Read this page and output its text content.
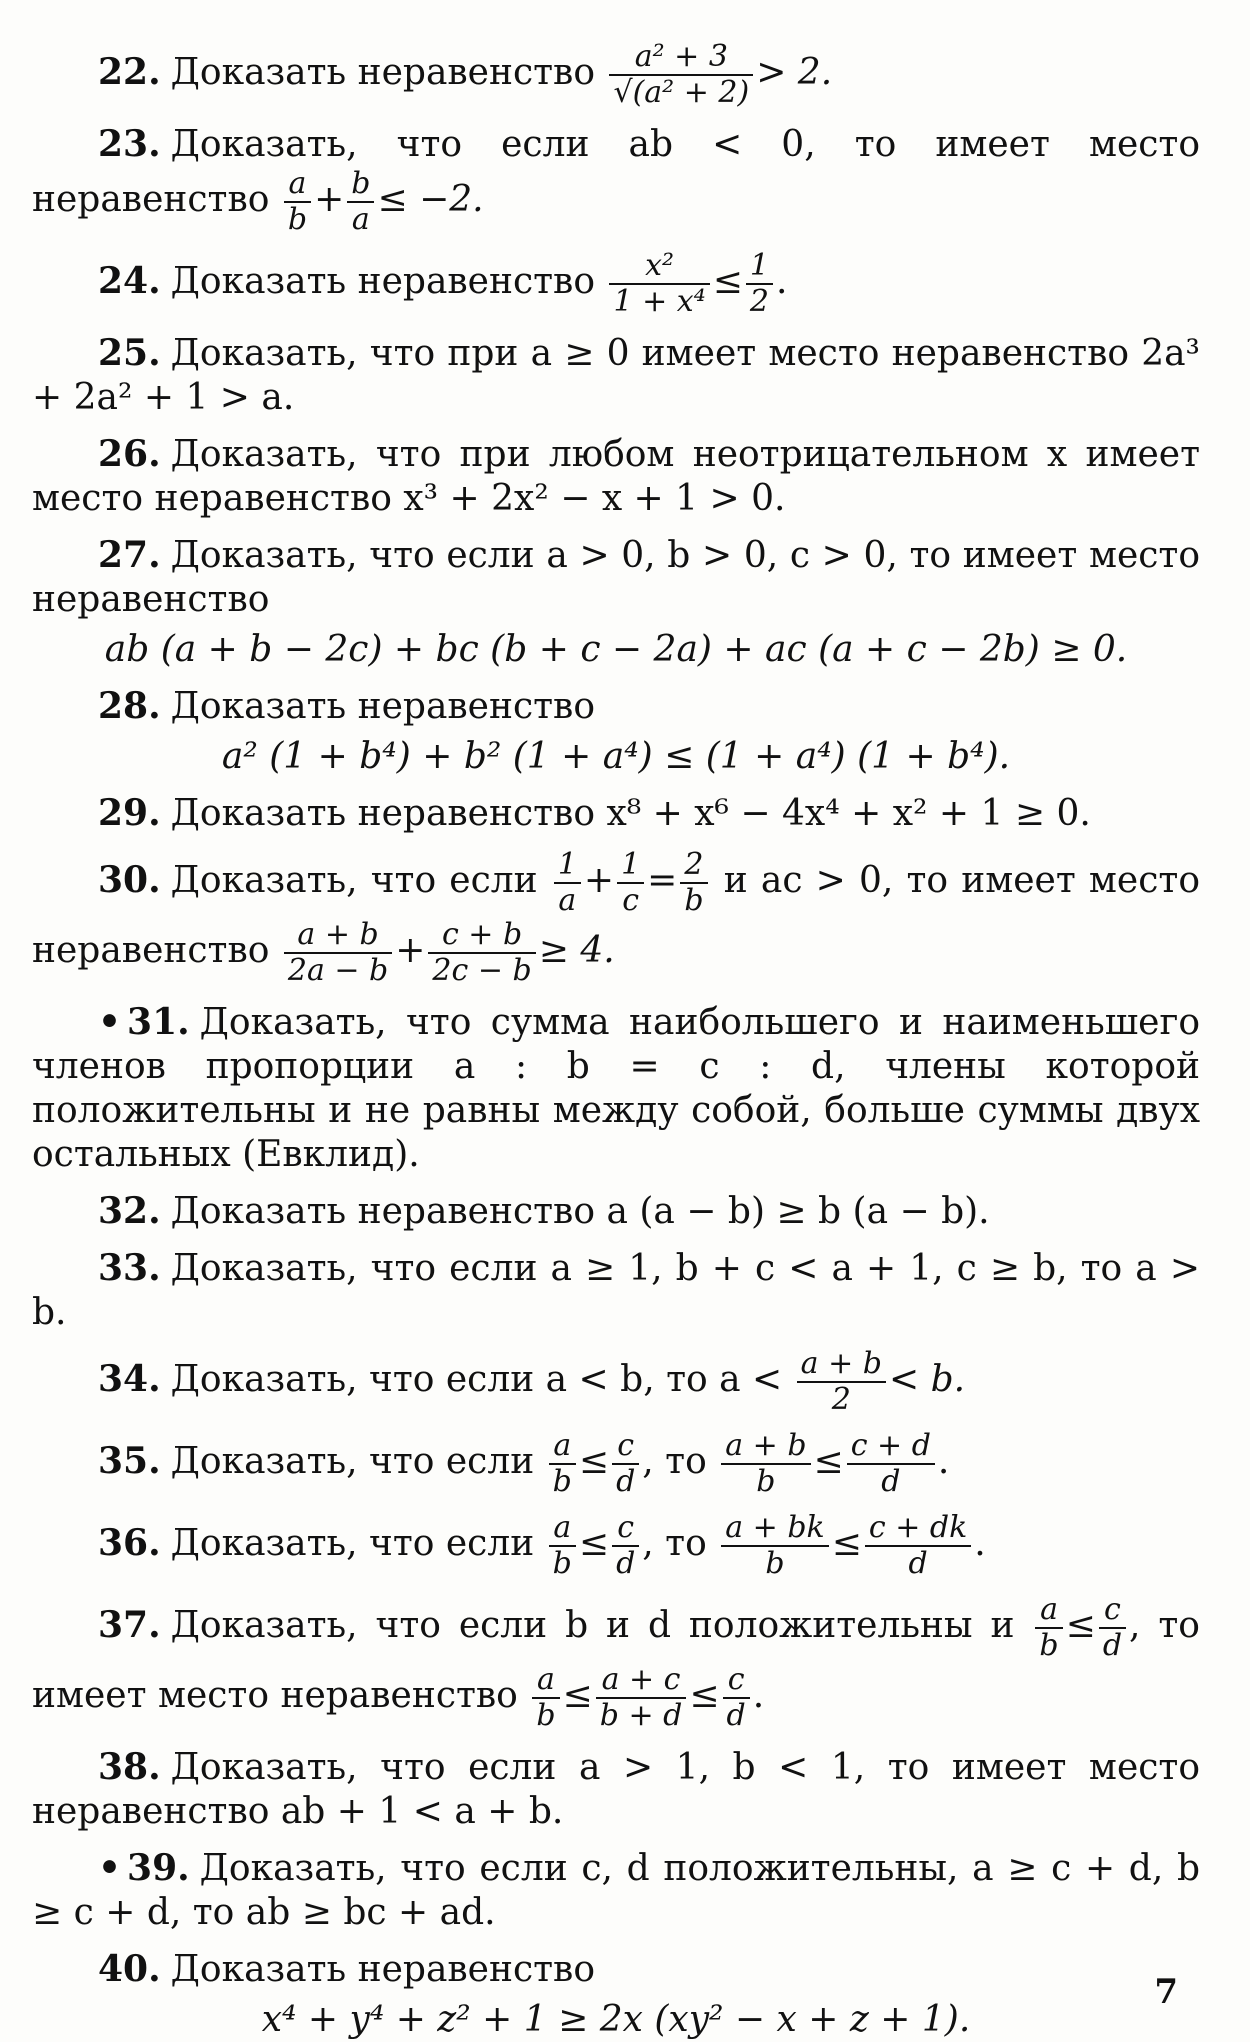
22. Доказать неравенство $\frac{\text{a² + 3}}{\text{√(a² + 2)}} > 2$.

23. Доказать, что если ab < 0, то имеет место неравенство $\frac{a}{b} + \frac{b}{a} \le -2$.

24. Доказать неравенство $\frac{\text{x²}}{\text{1 + x⁴}} \le \frac{1}{2}$ .

25. Доказать, что при a ≥ 0 имеет место неравенство 2a³ + 2a² + 1 > a.

26. Доказать, что при любом неотрицательном x имеет место неравенство x³ + 2x² − x + 1 > 0.

27. Доказать, что если a > 0, b > 0, c > 0, то имеет место неравенство
ab (a + b − 2c) + bc (b + c − 2a) + ac (a + c − 2b) ≥ 0.

28. Доказать неравенство
a² (1 + b⁴) + b² (1 + a⁴) ≤ (1 + a⁴) (1 + b⁴).

29. Доказать неравенство x⁸ + x⁶ − 4x⁴ + x² + 1 ≥ 0.

30. Доказать, что если $\frac{1}{a} + \frac{1}{c} = \frac{2}{b}$ и ac > 0, то имеет место неравенство $\frac{a + b}{2a - b} + \frac{c + b}{2c - b} \ge 4$.

• 31. Доказать, что сумма наибольшего и наименьшего членов пропорции a : b = c : d, члены которой положительны и не равны между собой, больше суммы двух остальных (Евклид).

32. Доказать неравенство a (a − b) ≥ b (a − b).

33. Доказать, что если a ≥ 1, b + c < a + 1, c ≥ b, то a > b.

34. Доказать, что если a < b, то $a < \frac{a + b}{2} < b$.

35. Доказать, что если $\frac{a}{b} \le \frac{c}{d}$ , то $\frac{a + b}{b} \le \frac{c + d}{d}$ .

36. Доказать, что если $\frac{a}{b} \le \frac{c}{d}$ , то $\frac{a + bk}{b} \le \frac{c + dk}{d}$ .

37. Доказать, что если b и d положительны и $\frac{a}{b} \le \frac{c}{d}$ , то имеет место неравенство $\frac{a}{b} \le \frac{a + c}{b + d} \le \frac{c}{d}$ .

38. Доказать, что если a > 1, b < 1, то имеет место неравенство ab + 1 < a + b.

• 39. Доказать, что если c, d положительны, a ≥ c + d, b ≥ c + d, то ab ≥ bc + ad.

40. Доказать неравенство
x⁴ + y⁴ + z² + 1 ≥ 2x (xy² − x + z + 1).

7
